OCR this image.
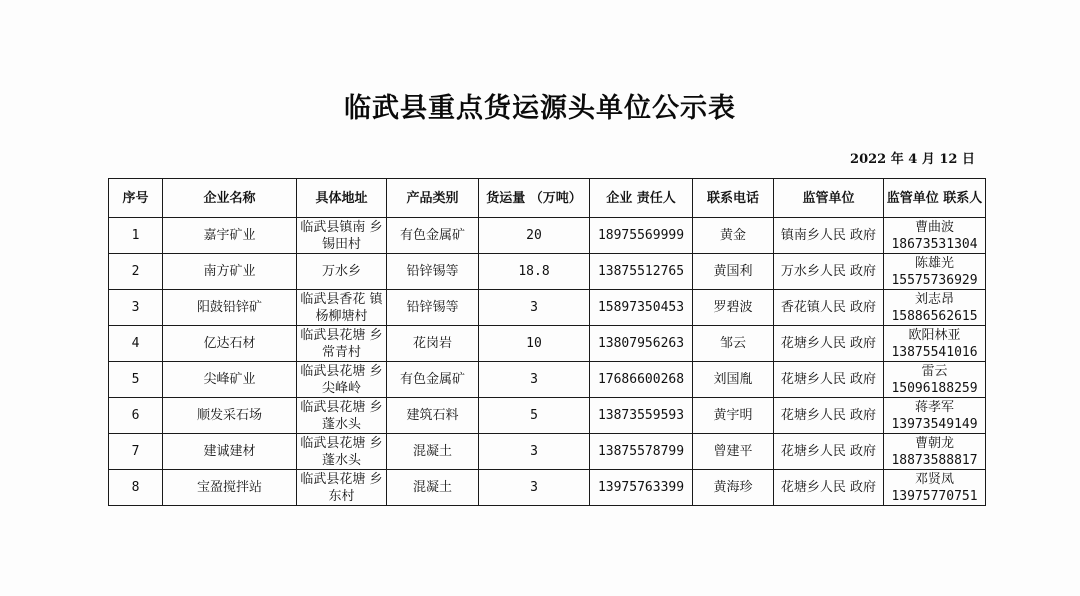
临武县重点货运源头单位公示表
2022 年 4 月 12 日
序号	企业名称	具体地址	产品类别	货运量 （万吨）	企业 责任人	联系电话	监管单位	监管单位 联系人
1	嘉宇矿业	临武县镇南 乡锡田村	有色金属矿	20	18975569999	黄金	镇南乡人民 政府	曹曲波
18673531304

2	南方矿业	万水乡	铅锌锡等	18.8	13875512765	黄国利	万水乡人民 政府	陈雄光
15575736929

3	阳鼓铅锌矿	临武县香花 镇杨柳塘村	铅锌锡等	3	15897350453	罗碧波	香花镇人民 政府	刘志昂
15886562615

4	亿达石材	临武县花塘 乡常青村	花岗岩	10	13807956263	邹云	花塘乡人民 政府	欧阳林亚
13875541016

5	尖峰矿业	临武县花塘 乡尖峰岭	有色金属矿	3	17686600268	刘国胤	花塘乡人民 政府	雷云
15096188259

6	顺发采石场	临武县花塘 乡蓬水头	建筑石料	5	13873559593	黄宇明	花塘乡人民 政府	蒋孝军
13973549149

7	建诚建材	临武县花塘 乡蓬水头	混凝土	3	13875578799	曾建平	花塘乡人民 政府	曹朝龙
18873588817

8	宝盈搅拌站	临武县花塘 乡东村	混凝土	3	13975763399	黄海珍	花塘乡人民 政府	邓贤凤
13975770751
